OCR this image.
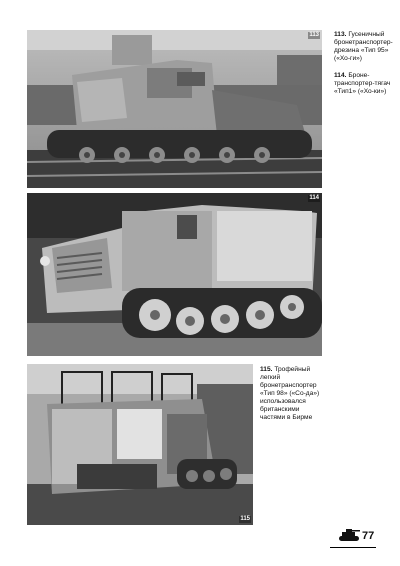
113
114
115

113. Гусеничный бронетранспортер-дрезина «Тип 95» («Хо-ги»)

114. Броне-транспортер-тягач «Тип1» («Хо-ки»)

115. Трофейный легкий бронетранспортер «Тип 98» («Со-да») использовался британскими частями в Бирме

77
